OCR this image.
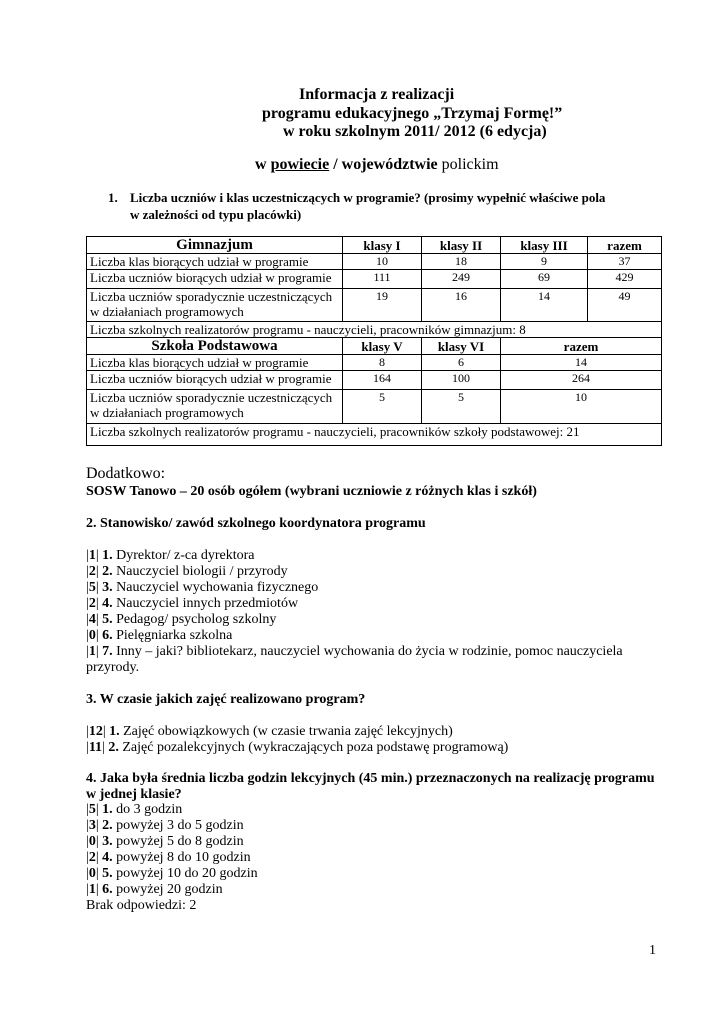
Informacja z realizacji
programu edukacyjnego „Trzymaj Formę!”
w roku szkolnym 2011/ 2012 (6 edycja)
w powiecie / województwie polickim
1. Liczba uczniów i klas uczestniczących w programie? (prosimy wypełnić właściwe pola
w zależności od typu placówki)
Gimnazjum	klasy I	klasy II	klasy III	razem
Liczba klas biorących udział w programie	10	18	9	37
Liczba uczniów biorących udział w programie	111	249	69	429
Liczba uczniów sporadycznie uczestniczących w działaniach programowych	19	16	14	49
Liczba szkolnych realizatorów programu - nauczycieli, pracowników gimnazjum: 8				
Szkoła Podstawowa	klasy V	klasy VI	razem	
Liczba klas biorących udział w programie	8	6	14	
Liczba uczniów biorących udział w programie	164	100	264	
Liczba uczniów sporadycznie uczestniczących w działaniach programowych	5	5	10	
Liczba szkolnych realizatorów programu - nauczycieli, pracowników szkoły podstawowej: 21				
Dodatkowo:
SOSW Tanowo – 20 osób ogółem (wybrani uczniowie z różnych klas i szkół)
2. Stanowisko/ zawód szkolnego koordynatora programu
|1| 1. Dyrektor/ z-ca dyrektora
|2| 2. Nauczyciel biologii / przyrody
|5| 3. Nauczyciel wychowania fizycznego
|2| 4. Nauczyciel innych przedmiotów
|4| 5. Pedagog/ psycholog szkolny
|0| 6. Pielęgniarka szkolna
|1| 7. Inny – jaki? bibliotekarz, nauczyciel wychowania do życia w rodzinie, pomoc nauczyciela przyrody.
3. W czasie jakich zajęć realizowano program?
|12| 1. Zajęć obowiązkowych (w czasie trwania zajęć lekcyjnych)
|11| 2. Zajęć pozalekcyjnych (wykraczających poza podstawę programową)
4. Jaka była średnia liczba godzin lekcyjnych (45 min.) przeznaczonych na realizację programu w jednej klasie?
|5| 1. do 3 godzin
|3| 2. powyżej 3 do 5 godzin
|0| 3. powyżej 5 do 8 godzin
|2| 4. powyżej 8 do 10 godzin
|0| 5. powyżej 10 do 20 godzin
|1| 6. powyżej 20 godzin
Brak odpowiedzi: 2
1
